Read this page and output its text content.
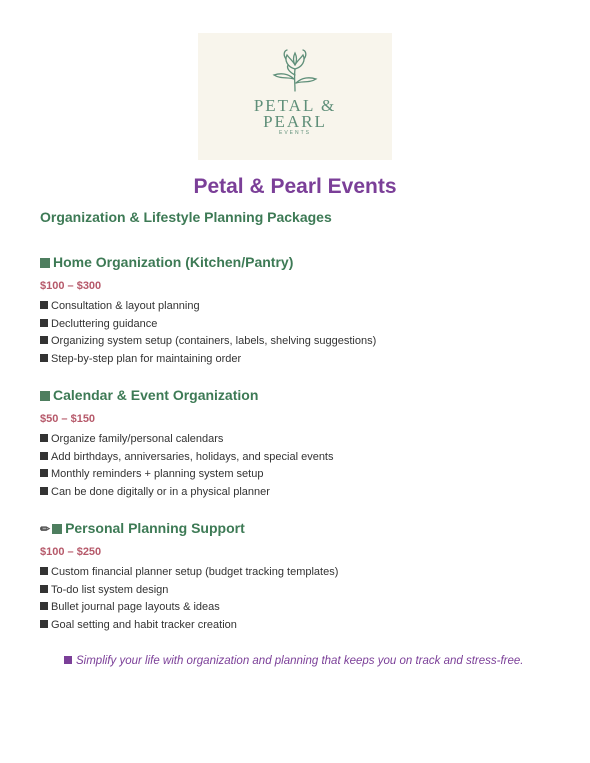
PETAL &
PEARL
EVENTS
Petal & Pearl Events
Organization & Lifestyle Planning Packages
Home Organization (Kitchen/Pantry)
$100 – $300
Consultation & layout planning
Decluttering guidance
Organizing system setup (containers, labels, shelving suggestions)
Step-by-step plan for maintaining order
Calendar & Event Organization
$50 – $150
Organize family/personal calendars
Add birthdays, anniversaries, holidays, and special events
Monthly reminders + planning system setup
Can be done digitally or in a physical planner
✏ Personal Planning Support
$100 – $250
Custom financial planner setup (budget tracking templates)
To-do list system design
Bullet journal page layouts & ideas
Goal setting and habit tracker creation
Simplify your life with organization and planning that keeps you on track and stress-free.
